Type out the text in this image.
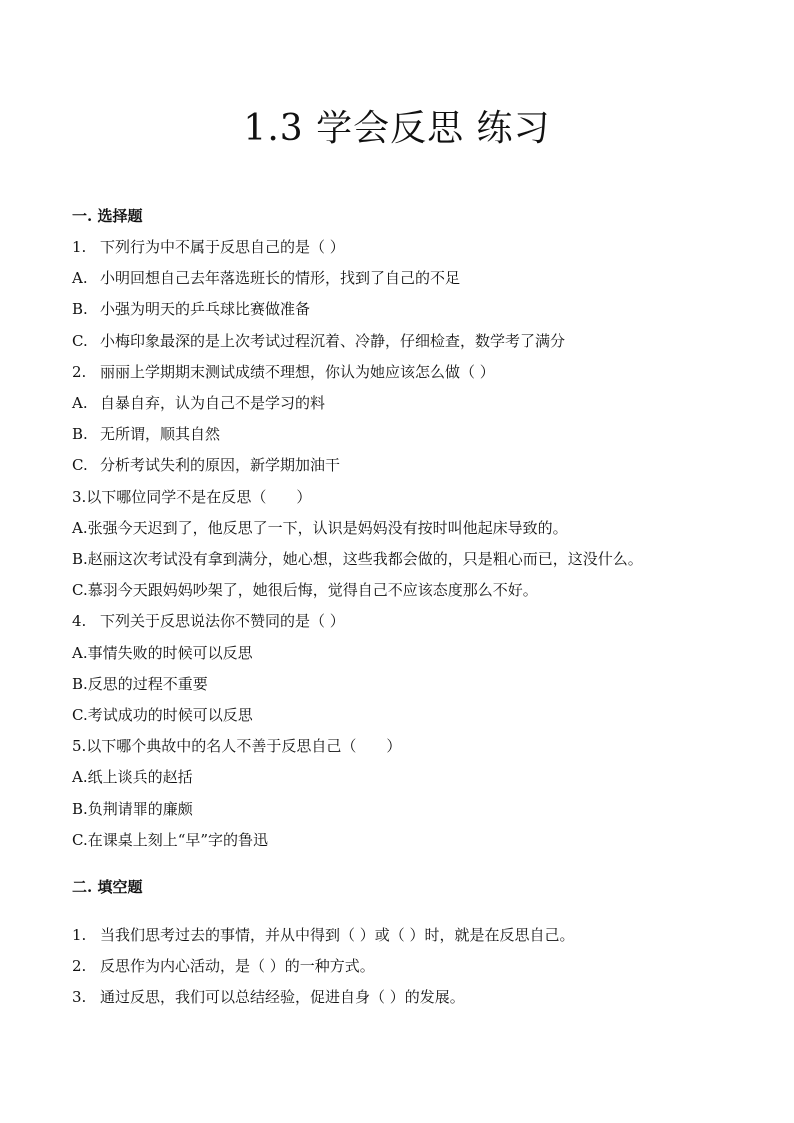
1.3 学会反思 练习
一. 选择题
1. 下列行为中不属于反思自己的是（ ）
A. 小明回想自己去年落选班长的情形，找到了自己的不足
B. 小强为明天的乒乓球比赛做准备
C. 小梅印象最深的是上次考试过程沉着、冷静，仔细检查，数学考了满分
2. 丽丽上学期期末测试成绩不理想，你认为她应该怎么做（ ）
A. 自暴自弃，认为自己不是学习的料
B. 无所谓，顺其自然
C. 分析考试失利的原因，新学期加油干
3.以下哪位同学不是在反思（　　）
A.张强今天迟到了，他反思了一下，认识是妈妈没有按时叫他起床导致的。
B.赵丽这次考试没有拿到满分，她心想，这些我都会做的，只是粗心而已，这没什么。
C.慕羽今天跟妈妈吵架了，她很后悔，觉得自己不应该态度那么不好。
4. 下列关于反思说法你不赞同的是（ ）
A.事情失败的时候可以反思
B.反思的过程不重要
C.考试成功的时候可以反思
5.以下哪个典故中的名人不善于反思自己（　　）
A.纸上谈兵的赵括
B.负荆请罪的廉颇
C.在课桌上刻上“早”字的鲁迅
二. 填空题
1. 当我们思考过去的事情，并从中得到（ ）或（ ）时，就是在反思自己。
2. 反思作为内心活动，是（ ）的一种方式。
3. 通过反思，我们可以总结经验，促进自身（ ）的发展。
